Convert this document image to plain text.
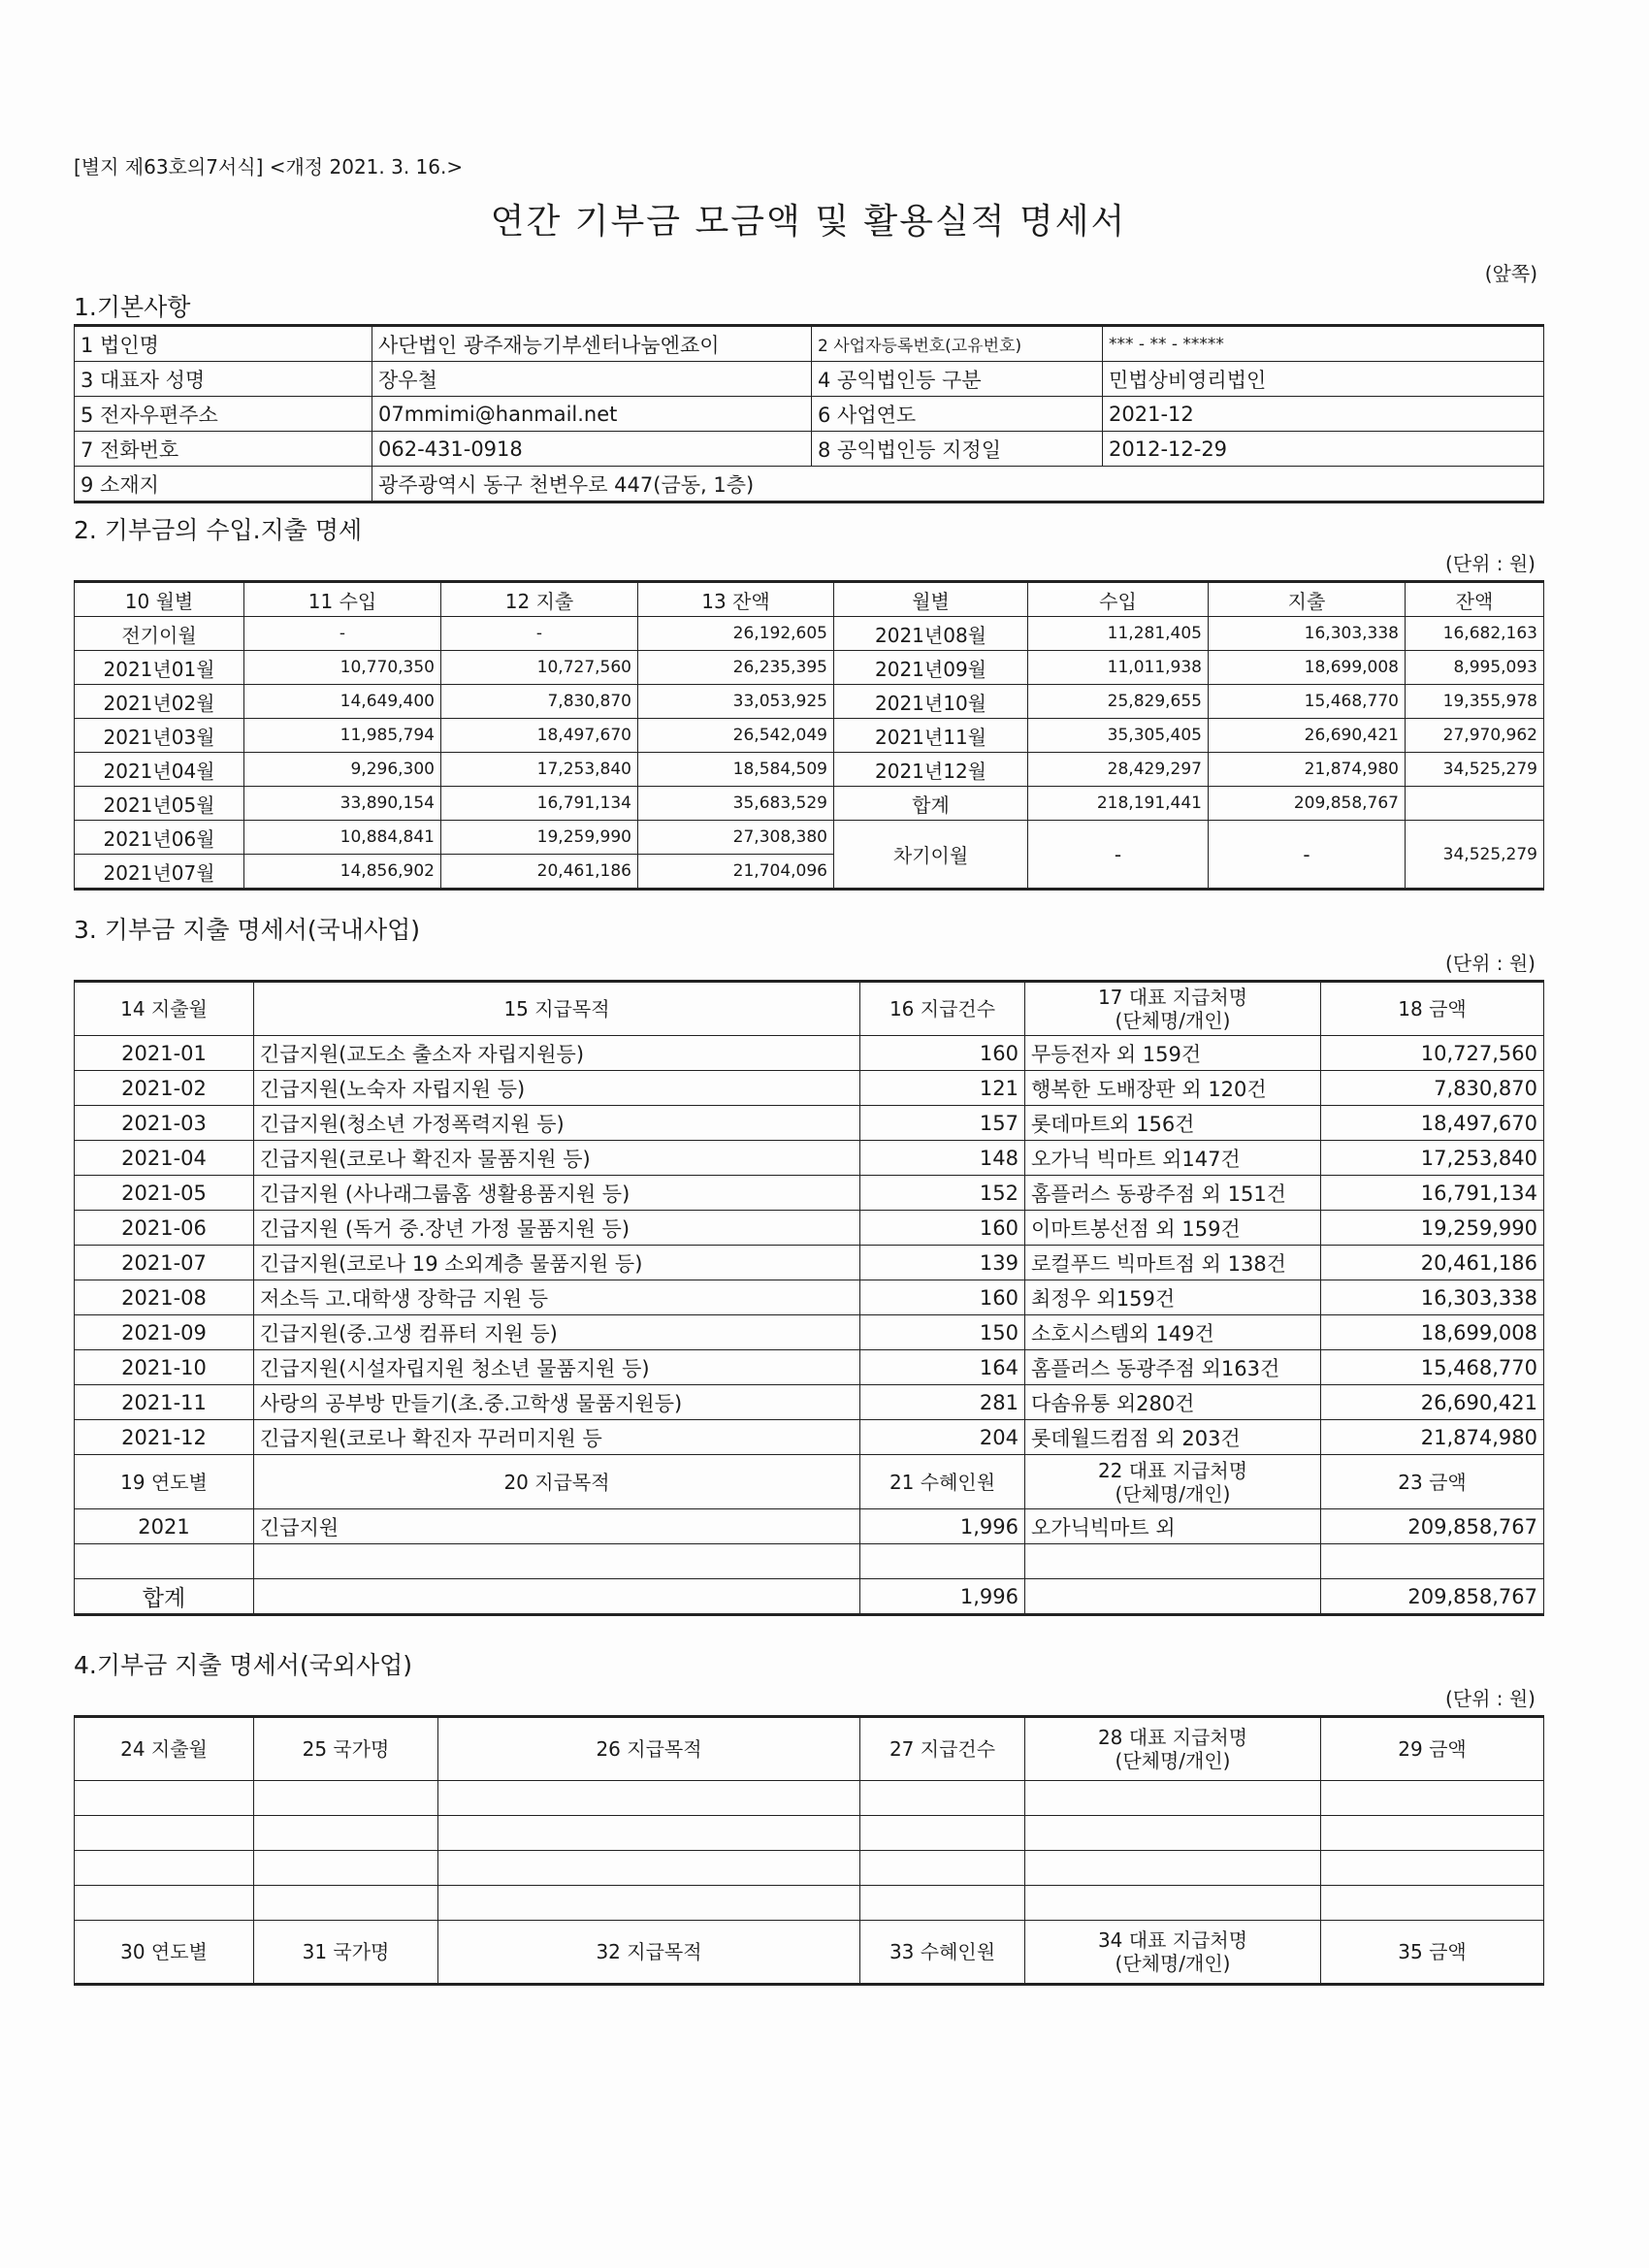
[별지 제63호의7서식] <개정 2021. 3. 16.>
연간 기부금 모금액 및 활용실적 명세서
(앞쪽)
1.기본사항
1 법인명	사단법인 광주재능기부센터나눔엔죠이	2 사업자등록번호(고유번호)	*** - ** - *****
3 대표자 성명	장우철	4 공익법인등 구분	민법상비영리법인
5 전자우편주소	07mmimi@hanmail.net	6 사업연도	2021-12
7 전화번호	062-431-0918	8 공익법인등 지정일	2012-12-29
9 소재지	광주광역시 동구 천변우로 447(금동, 1층)		
2. 기부금의 수입.지출 명세
(단위 : 원)
10 월별	11 수입	12 지출	13 잔액	월별	수입	지출	잔액
전기이월	-	-	26,192,605	2021년08월	11,281,405	16,303,338	16,682,163
2021년01월	10,770,350	10,727,560	26,235,395	2021년09월	11,011,938	18,699,008	8,995,093
2021년02월	14,649,400	7,830,870	33,053,925	2021년10월	25,829,655	15,468,770	19,355,978
2021년03월	11,985,794	18,497,670	26,542,049	2021년11월	35,305,405	26,690,421	27,970,962
2021년04월	9,296,300	17,253,840	18,584,509	2021년12월	28,429,297	21,874,980	34,525,279
2021년05월	33,890,154	16,791,134	35,683,529	합계	218,191,441	209,858,767	
2021년06월	10,884,841	19,259,990	27,308,380	차기이월	-	-	34,525,279
2021년07월	14,856,902	20,461,186	21,704,096				
3. 기부금 지출 명세서(국내사업)
(단위 : 원)
14 지출월	15 지급목적	16 지급건수	17 대표 지급처명
(단체명/개인)	18 금액
2021-01	긴급지원(교도소 출소자 자립지원등)	160	무등전자 외 159건	10,727,560
2021-02	긴급지원(노숙자 자립지원 등)	121	행복한 도배장판 외 120건	7,830,870
2021-03	긴급지원(청소년 가정폭력지원 등)	157	롯데마트외 156건	18,497,670
2021-04	긴급지원(코로나 확진자 물품지원 등)	148	오가닉 빅마트 외147건	17,253,840
2021-05	긴급지원 (사나래그룹홈 생활용품지원 등)	152	홈플러스 동광주점 외 151건	16,791,134
2021-06	긴급지원 (독거 중.장년 가정 물품지원 등)	160	이마트봉선점 외 159건	19,259,990
2021-07	긴급지원(코로나 19 소외계층 물품지원 등)	139	로컬푸드 빅마트점 외 138건	20,461,186
2021-08	저소득 고.대학생 장학금 지원 등	160	최정우 외159건	16,303,338
2021-09	긴급지원(중.고생 컴퓨터 지원 등)	150	소호시스템외 149건	18,699,008
2021-10	긴급지원(시설자립지원 청소년 물품지원 등)	164	홈플러스 동광주점 외163건	15,468,770
2021-11	사랑의 공부방 만들기(초.중.고학생 물품지원등)	281	다솜유통 외280건	26,690,421
2021-12	긴급지원(코로나 확진자 꾸러미지원 등	204	롯데월드컴점 외 203건	21,874,980
19 연도별	20 지급목적	21 수혜인원	22 대표 지급처명
(단체명/개인)	23 금액
2021	긴급지원	1,996	오가닉빅마트 외	209,858,767

합계		1,996		209,858,767
4.기부금 지출 명세서(국외사업)
(단위 : 원)
24 지출월	25 국가명	26 지급목적	27 지급건수	28 대표 지급처명
(단체명/개인)	29 금액

30 연도별	31 국가명	32 지급목적	33 수혜인원	34 대표 지급처명
(단체명/개인)	35 금액
